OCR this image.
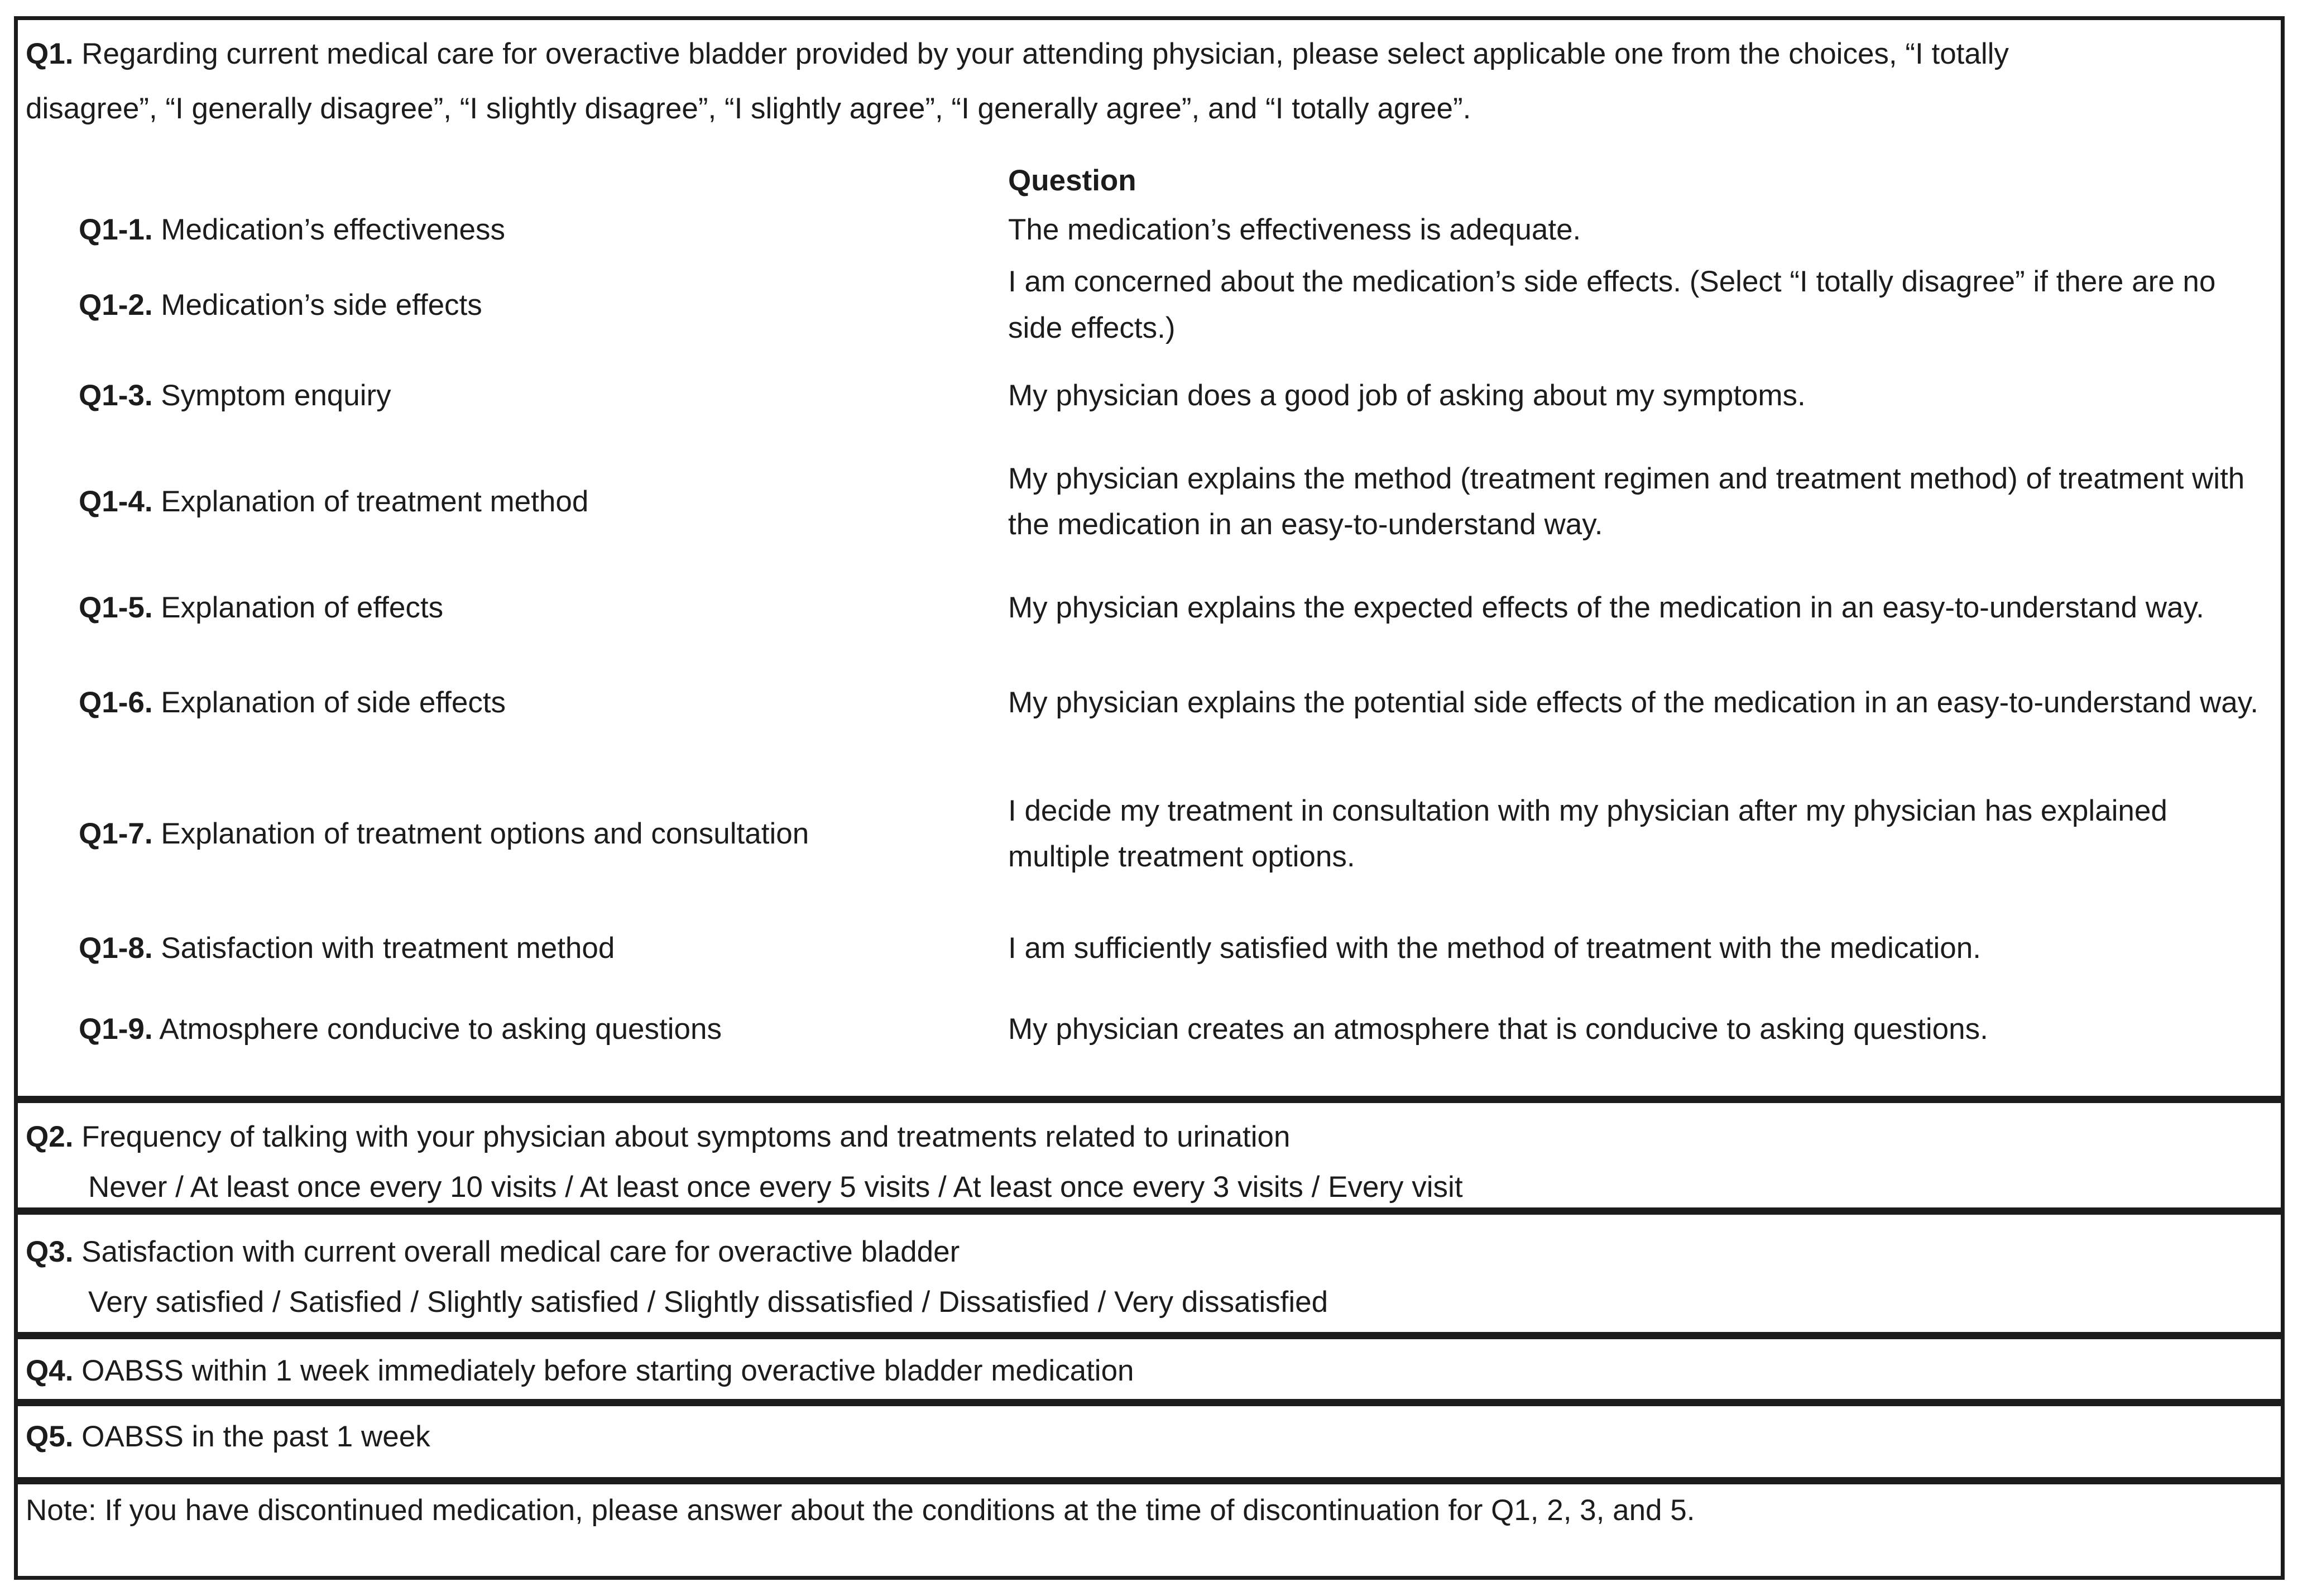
Q1. Regarding current medical care for overactive bladder provided by your attending physician, please select applicable one from the choices, “I totally disagree”, “I generally disagree”, “I slightly disagree”, “I slightly agree”, “I generally agree”, and “I totally agree”.
Question
Q1-1. Medication’s effectiveness	The medication’s effectiveness is adequate.
Q1-2. Medication’s side effects
I am concerned about the medication’s side effects. (Select “I totally disagree” if there are no side effects.)
Q1-3. Symptom enquiry	My physician does a good job of asking about my symptoms.
Q1-4. Explanation of treatment method
My physician explains the method (treatment regimen and treatment method) of treatment with the medication in an easy-to-understand way.
Q1-5. Explanation of effects	My physician explains the expected effects of the medication in an easy-to-understand way.
Q1-6. Explanation of side effects	My physician explains the potential side effects of the medication in an easy-to-understand way.
Q1-7. Explanation of treatment options and consultation
I decide my treatment in consultation with my physician after my physician has explained multiple treatment options.
Q1-8. Satisfaction with treatment method	I am sufficiently satisfied with the method of treatment with the medication.
Q1-9. Atmosphere conducive to asking questions	My physician creates an atmosphere that is conducive to asking questions.
Q2. Frequency of talking with your physician about symptoms and treatments related to urination
Never / At least once every 10 visits / At least once every 5 visits / At least once every 3 visits / Every visit
Q3. Satisfaction with current overall medical care for overactive bladder
Very satisfied / Satisfied / Slightly satisfied / Slightly dissatisfied / Dissatisfied / Very dissatisfied
Q4. OABSS within 1 week immediately before starting overactive bladder medication
Q5. OABSS in the past 1 week
Note: If you have discontinued medication, please answer about the conditions at the time of discontinuation for Q1, 2, 3, and 5.
